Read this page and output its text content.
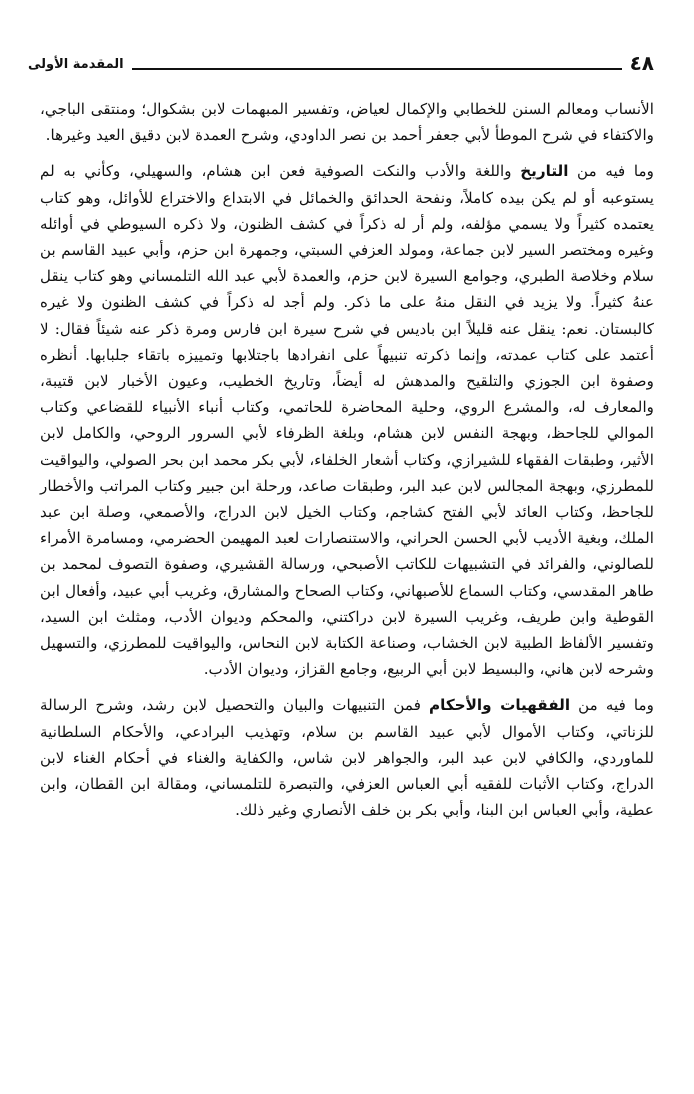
٤٨
المقدمة الأولى

الأنساب ومعالم السنن للخطابي والإكمال لعياض، وتفسير المبهمات لابن بشكوال؛ ومنتقى الباجي، والاكتفاء في شرح الموطأ لأبي جعفر أحمد بن نصر الداودي، وشرح العمدة لابن دقيق العيد وغيرها.

وما فيه من التاريخ واللغة والأدب والنكت الصوفية فعن ابن هشام، والسهيلي، وكأني به لم يستوعبه أو لم يكن بيده كاملاً، ونفحة الحدائق والخمائل في الابتداع والاختراع للأوائل، وهو كتاب يعتمده كثيراً ولا يسمي مؤلفه، ولم أر له ذكراً في كشف الظنون، ولا ذكره السيوطي في أوائله وغيره ومختصر السير لابن جماعة، ومولد العزفي السبتي، وجمهرة ابن حزم، وأبي عبيد القاسم بن سلام وخلاصة الطبري، وجوامع السيرة لابن حزم، والعمدة لأبي عبد الله التلمساني وهو كتاب ينقل عنهُ كثيراً. ولا يزيد في النقل منهُ على ما ذكر. ولم أجد له ذكراً في كشف الظنون ولا غيره كالبستان. نعم: ينقل عنه قليلاً ابن باديس في شرح سيرة ابن فارس ومرة ذكر عنه شيئاً فقال: لا أعتمد على كتاب عمدته، وإنما ذكرته تنبيهاً على انفرادها باجتلابها وتمييزه باتقاء جلبابها. أنظره وصفوة ابن الجوزي والتلقيح والمدهش له أيضاً، وتاريخ الخطيب، وعيون الأخبار لابن قتيبة، والمعارف له، والمشرع الروي، وحلية المحاضرة للحاتمي، وكتاب أنباء الأنبياء للقضاعي وكتاب الموالي للجاحظ، وبهجة النفس لابن هشام، وبلغة الظرفاء لأبي السرور الروحي، والكامل لابن الأثير، وطبقات الفقهاء للشيرازي، وكتاب أشعار الخلفاء، لأبي بكر محمد ابن بحر الصولي، واليواقيت للمطرزي، وبهجة المجالس لابن عبد البر، وطبقات صاعد، ورحلة ابن جبير وكتاب المراتب والأخطار للجاحظ، وكتاب العائد لأبي الفتح كشاجم، وكتاب الخيل لابن الدراج، والأصمعي، وصلة ابن عبد الملك، وبغية الأديب لأبي الحسن الحراني، والاستنصارات لعبد المهيمن الحضرمي، ومسامرة الأمراء للصالوني، والفرائد في التشبيهات للكاتب الأصبحي، ورسالة القشيري، وصفوة التصوف لمحمد بن طاهر المقدسي، وكتاب السماع للأصبهاني، وكتاب الصحاح والمشارق، وغريب أبي عبيد، وأفعال ابن القوطية وابن طريف، وغريب السيرة لابن دراكتني، والمحكم وديوان الأدب، ومثلث ابن السيد، وتفسير الألفاظ الطبية لابن الخشاب، وصناعة الكتابة لابن النحاس، واليواقيت للمطرزي، والتسهيل وشرحه لابن هاني، والبسيط لابن أبي الربيع، وجامع القزاز، وديوان الأدب.

وما فيه من الفقهيات والأحكام فمن التنبيهات والبيان والتحصيل لابن رشد، وشرح الرسالة للزناتي، وكتاب الأموال لأبي عبيد القاسم بن سلام، وتهذيب البرادعي، والأحكام السلطانية للماوردي، والكافي لابن عبد البر، والجواهر لابن شاس، والكفاية والغناء في أحكام الغناء لابن الدراج، وكتاب الأثبات للفقيه أبي العباس العزفي، والتبصرة للتلمساني، ومقالة ابن القطان، وابن عطية، وأبي العباس ابن البنا، وأبي بكر بن خلف الأنصاري وغير ذلك.
